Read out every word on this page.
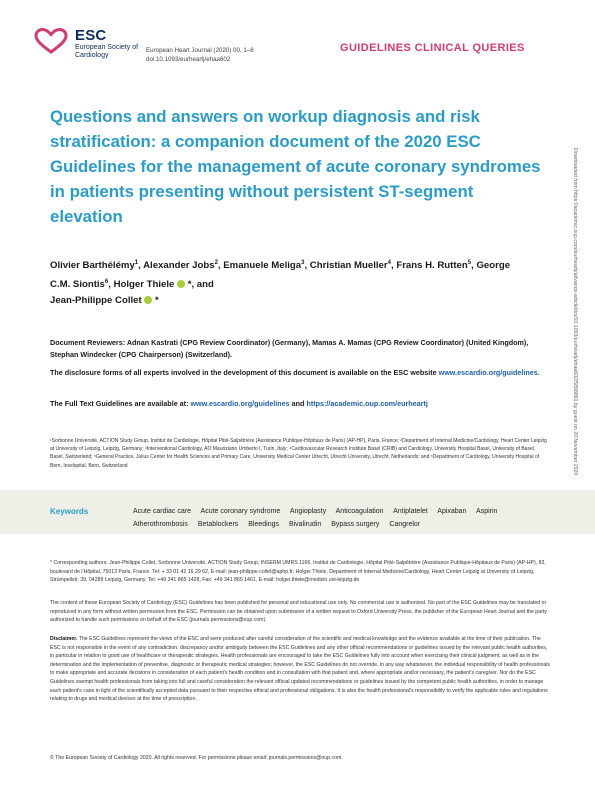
ESC
European Society of Cardiology
European Heart Journal (2020) 00, 1–8
doi:10.1093/eurheartj/ehaa602
GUIDELINES CLINICAL QUERIES
Questions and answers on workup diagnosis and risk stratification: a companion document of the 2020 ESC Guidelines for the management of acute coronary syndromes in patients presenting without persistent ST-segment elevation
Olivier Barthélémy$^1$, Alexander Jobs$^2$, Emanuele Meliga$^3$, Christian Mueller$^4$, Frans H. Rutten$^5$, George C.M. Siontis$^6$, Holger Thiele *, and
Jean-Philippe Collet *
Document Reviewers: Adnan Kastrati (CPG Review Coordinator) (Germany), Mamas A. Mamas (CPG Review Coordinator) (United Kingdom), Stephan Windecker (CPG Chairperson) (Switzerland).
The disclosure forms of all experts involved in the development of this document is available on the ESC website www.escardio.org/guidelines.
The Full Text Guidelines are available at: www.escardio.org/guidelines and https://academic.oup.com/eurheartj
¹Sorbonne Université, ACTION Study Group, Institut de Cardiologie, Hôpital Pitié-Salpêtrière (Assistance Publique-Hôpitaux de Paris) (AP-HP), Paris, France; ²Department of Internal Medicine/Cardiology, Heart Center Leipzig at University of Leipzig, Leipzig, Germany; ³Interventional Cardiology, AO Mauriziano Umberto I, Turin, Italy; ⁴Cardiovascular Research Institute Basel (CRIB) and Cardiology, University Hospital Basel, University of Basel, Basel, Switzerland; ⁵General Practice, Julius Center for Health Sciences and Primary Care, University Medical Center Utrecht, Utrecht University, Utrecht, Netherlands; and ⁶Department of Cardiology, University Hospital of Bern, Inselspital, Bern, Switzerland
Keywords	Acute cardiac care Acute coronary syndrome Angioplasty Anticoagulation Antiplatelet Apixaban Aspirin Atherothrombosis Betablockers Bleedings Bivalirudin Bypass surgery Cangrelor
* Corresponding authors: Jean-Philippe Collet, Sorbonne Université, ACTION Study Group, INSERM UMRS 1166, Institut de Cardiologie, Hôpital Pitié-Salpêtrière (Assistance Publique-Hôpitaux de Paris) (AP-HP), 83, boulevard de l'Hôpital, 75013 Paris, France. Tel: + 33 01 42 16 29 62, E-mail: jean-philippe.collet@aphp.fr; Holger Thiele, Department of Internal Medicine/Cardiology, Heart Center Leipzig at University of Leipzig, Strümpellstr. 39, 04289 Leipzig, Germany. Tel: +49 341 865 1428, Fax: +49 341 865 1461, E-mail: holger.thiele@medizin.uni-leipzig.de
The content of these European Society of Cardiology (ESC) Guidelines has been published for personal and educational use only. No commercial use is authorized. No part of the ESC Guidelines may be translated or reproduced in any form without written permission from the ESC. Permission can be obtained upon submission of a written request to Oxford University Press, the publisher of the European Heart Journal and the party authorized to handle such permissions on behalf of the ESC (journals.permissions@oup.com).
Disclaimer. The ESC Guidelines represent the views of the ESC and were produced after careful consideration of the scientific and medical knowledge and the evidence available at the time of their publication. The ESC is not responsible in the event of any contradiction, discrepancy and/or ambiguity between the ESC Guidelines and any other official recommendations or guidelines issued by the relevant public health authorities, in particular in relation to good use of healthcare or therapeutic strategies. Health professionals are encouraged to take the ESC Guidelines fully into account when exercising their clinical judgment, as well as in the determination and the implementation of preventive, diagnostic or therapeutic medical strategies; however, the ESC Guidelines do not override, in any way whatsoever, the individual responsibility of health professionals to make appropriate and accurate decisions in consideration of each patient's health condition and in consultation with that patient and, where appropriate and/or necessary, the patient's caregiver. Nor do the ESC Guidelines exempt health professionals from taking into full and careful consideration the relevant official updated recommendations or guidelines issued by the competent public health authorities, in order to manage each patient's case in light of the scientifically accepted data pursuant to their respective ethical and professional obligations. It is also the health professional's responsibility to verify the applicable rules and regulations relating to drugs and medical devices at the time of prescription.
© The European Society of Cardiology 2020. All rights reserved. For permissions please email: journals.permissions@oup.com.
Downloaded from https://academic.oup.com/eurheartj/advance-article/doi/10.1093/eurheartj/ehaa602/5898861 by guest on 20 November 2020
